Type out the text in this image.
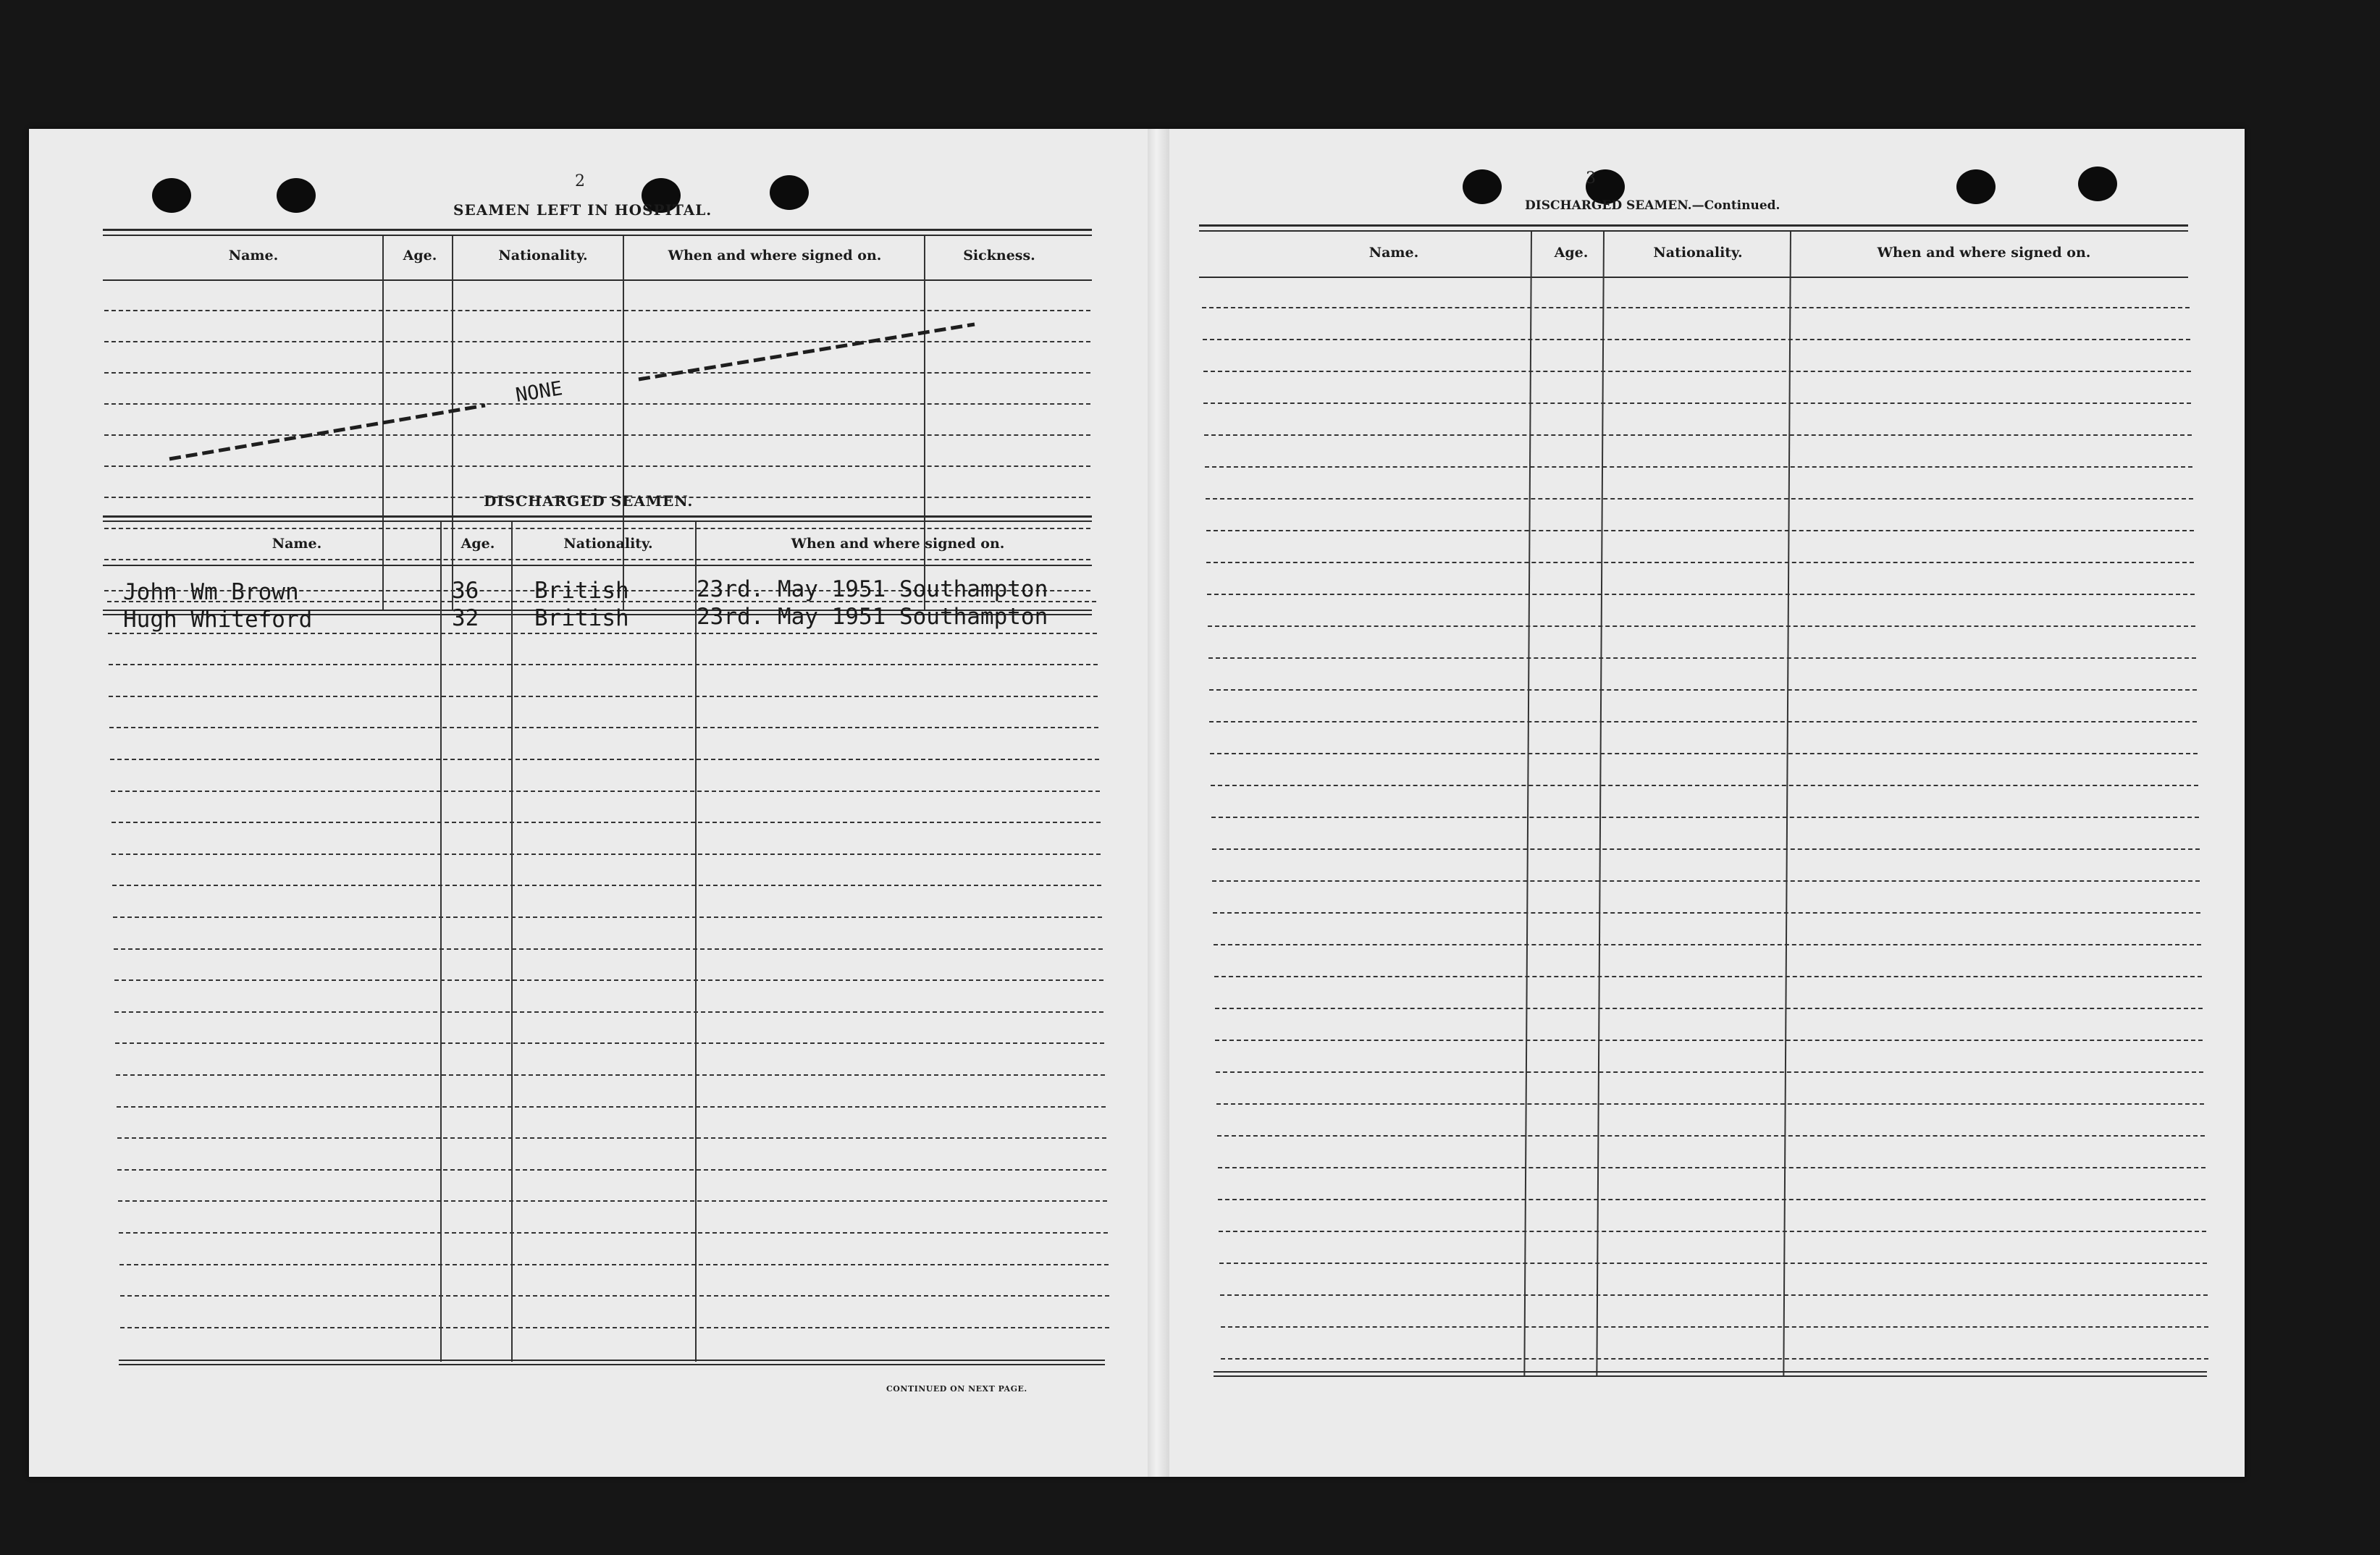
2
SEAMEN LEFT IN HOSPITAL.
Name.	Age.	Nationality.	When and where signed on.	Sickness.
NONE
DISCHARGED SEAMEN.
Name.	Age.	Nationality.	When and where signed on.
John Wm Brown	36 British	23rd. May 1951 Southampton
Hugh Whiteford	32 British	23rd. May 1951 Southampton
CONTINUED ON NEXT PAGE.
3
DISCHARGED SEAMEN.—Continued.
Name.	Age.	Nationality.	When and where signed on.
